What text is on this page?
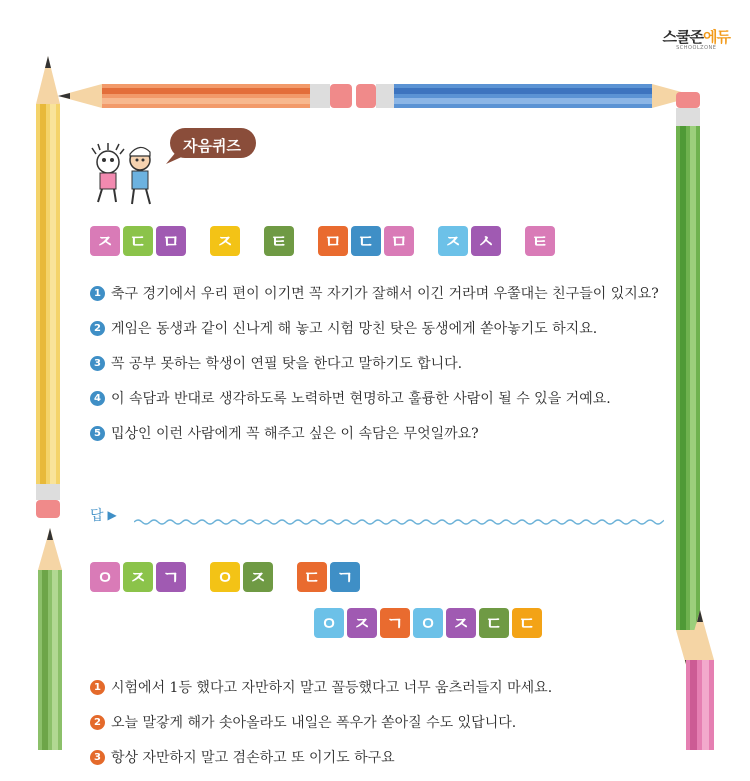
스쿨존에듀
SCHOOLZONE
자음퀴즈
ㅈ ㄷ ㅁ	ㅈ	ㅌ	ㅁ ㄷ ㅁ	ㅈ ㅅ	ㅌ
1 축구 경기에서 우리 편이 이기면 꼭 자기가 잘해서 이긴 거라며 우쭐대는 친구들이 있지요?
2 게임은 동생과 같이 신나게 해 놓고 시험 망친 탓은 동생에게 쏟아놓기도 하지요.
3 꼭 공부 못하는 학생이 연필 탓을 한다고 말하기도 합니다.
4 이 속담과 반대로 생각하도록 노력하면 현명하고 훌륭한 사람이 될 수 있을 거예요.
5 밉상인 이런 사람에게 꼭 해주고 싶은 이 속담은 무엇일까요?
답 ▶
ㅇ ㅈ ㄱ	ㅇ ㅈ	ㄷ ㄱ
ㅇ ㅈ ㄱ ㅇ ㅈ ㄷ ㄷ
1 시험에서 1등 했다고 자만하지 말고 꼴등했다고 너무 움츠러들지 마세요.
2 오늘 말갛게 해가 솟아올라도 내일은 폭우가 쏟아질 수도 있답니다.
3 항상 자만하지 말고 겸손하고 또 이기도 하구요
